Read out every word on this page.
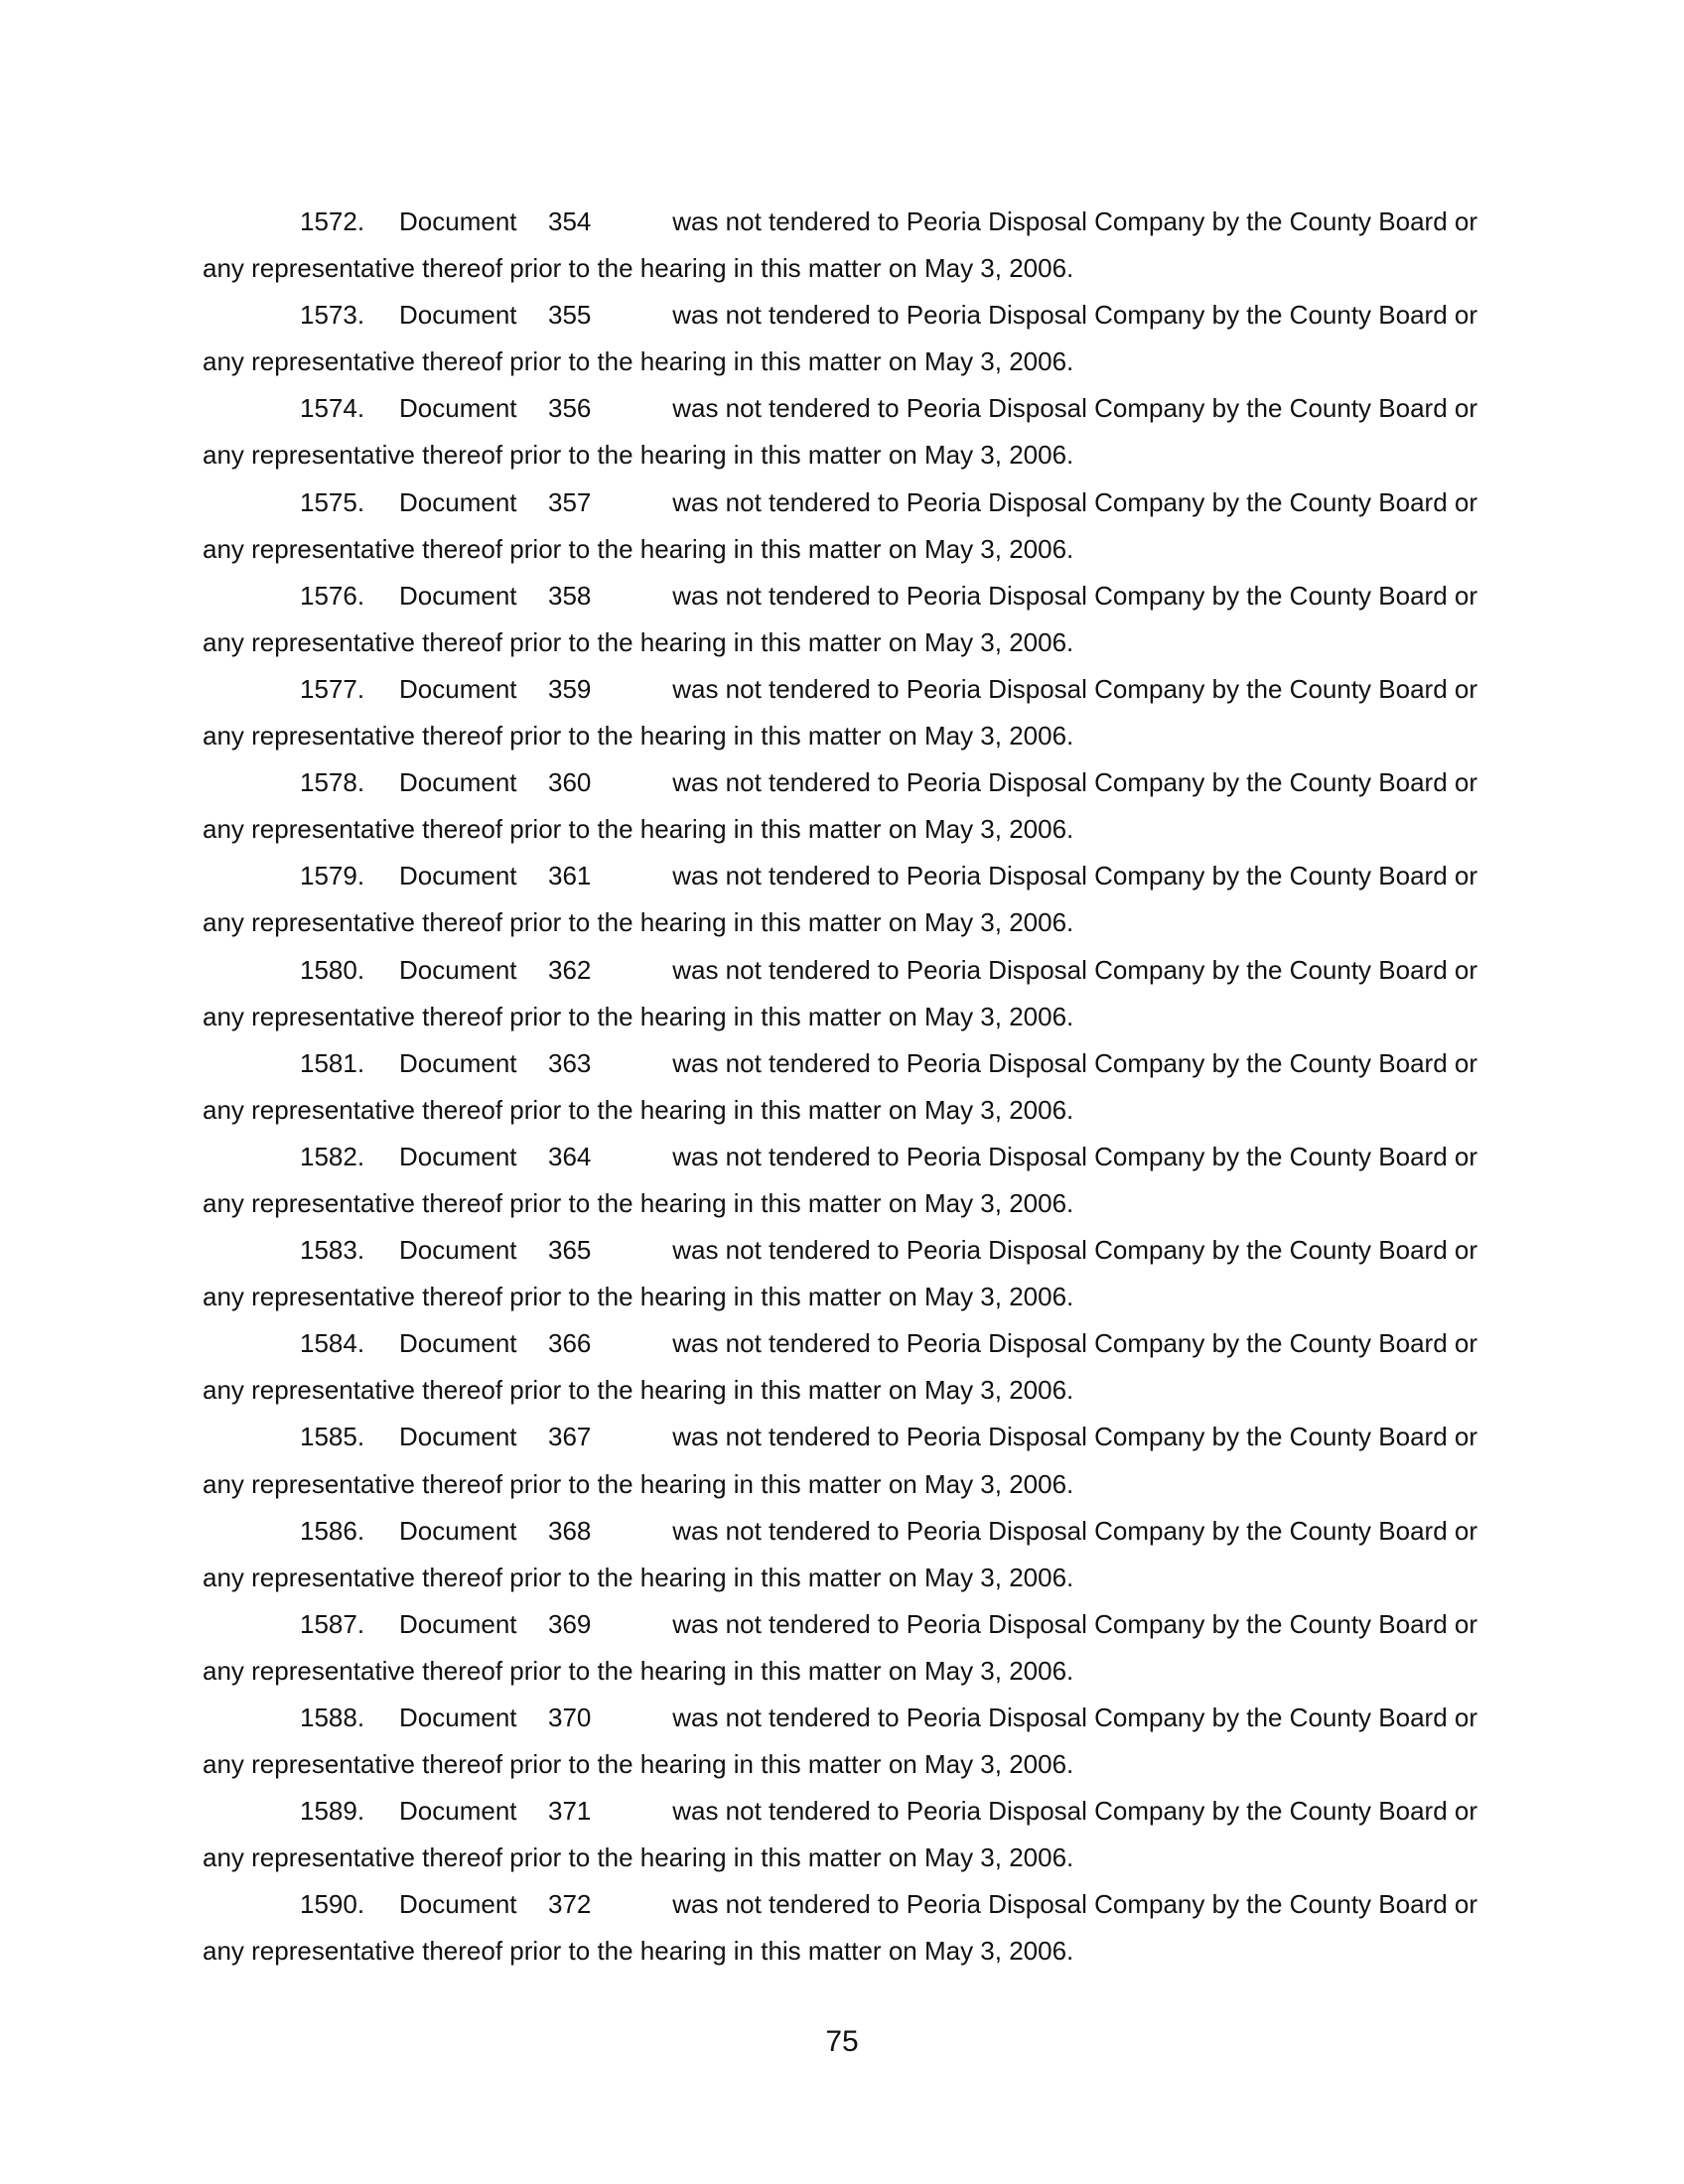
1572.	Document	354	was not tendered to Peoria Disposal Company by the County Board or
any representative thereof prior to the hearing in this matter on May 3, 2006.
1573.	Document	355	was not tendered to Peoria Disposal Company by the County Board or
any representative thereof prior to the hearing in this matter on May 3, 2006.
1574.	Document	356	was not tendered to Peoria Disposal Company by the County Board or
any representative thereof prior to the hearing in this matter on May 3, 2006.
1575.	Document	357	was not tendered to Peoria Disposal Company by the County Board or
any representative thereof prior to the hearing in this matter on May 3, 2006.
1576.	Document	358	was not tendered to Peoria Disposal Company by the County Board or
any representative thereof prior to the hearing in this matter on May 3, 2006.
1577.	Document	359	was not tendered to Peoria Disposal Company by the County Board or
any representative thereof prior to the hearing in this matter on May 3, 2006.
1578.	Document	360	was not tendered to Peoria Disposal Company by the County Board or
any representative thereof prior to the hearing in this matter on May 3, 2006.
1579.	Document	361	was not tendered to Peoria Disposal Company by the County Board or
any representative thereof prior to the hearing in this matter on May 3, 2006.
1580.	Document	362	was not tendered to Peoria Disposal Company by the County Board or
any representative thereof prior to the hearing in this matter on May 3, 2006.
1581.	Document	363	was not tendered to Peoria Disposal Company by the County Board or
any representative thereof prior to the hearing in this matter on May 3, 2006.
1582.	Document	364	was not tendered to Peoria Disposal Company by the County Board or
any representative thereof prior to the hearing in this matter on May 3, 2006.
1583.	Document	365	was not tendered to Peoria Disposal Company by the County Board or
any representative thereof prior to the hearing in this matter on May 3, 2006.
1584.	Document	366	was not tendered to Peoria Disposal Company by the County Board or
any representative thereof prior to the hearing in this matter on May 3, 2006.
1585.	Document	367	was not tendered to Peoria Disposal Company by the County Board or
any representative thereof prior to the hearing in this matter on May 3, 2006.
1586.	Document	368	was not tendered to Peoria Disposal Company by the County Board or
any representative thereof prior to the hearing in this matter on May 3, 2006.
1587.	Document	369	was not tendered to Peoria Disposal Company by the County Board or
any representative thereof prior to the hearing in this matter on May 3, 2006.
1588.	Document	370	was not tendered to Peoria Disposal Company by the County Board or
any representative thereof prior to the hearing in this matter on May 3, 2006.
1589.	Document	371	was not tendered to Peoria Disposal Company by the County Board or
any representative thereof prior to the hearing in this matter on May 3, 2006.
1590.	Document	372	was not tendered to Peoria Disposal Company by the County Board or
any representative thereof prior to the hearing in this matter on May 3, 2006.
75
